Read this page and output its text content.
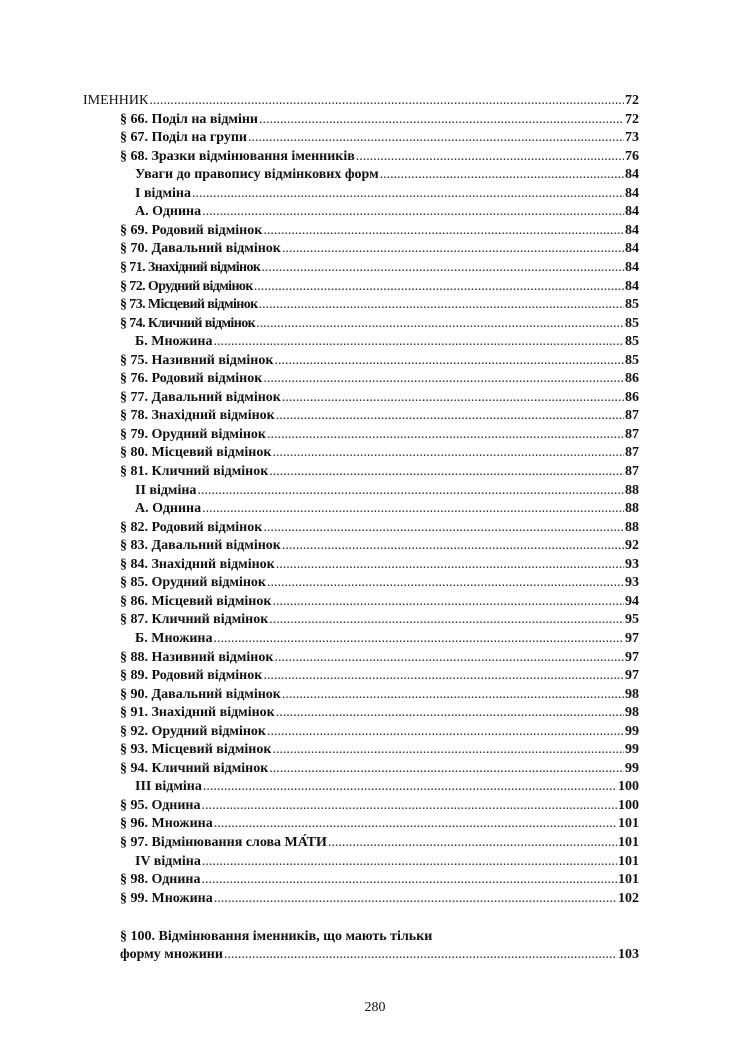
ІМЕННИК .....	72
§ 66. Поділ на відміни .....	72
§ 67. Поділ на групи .....	73
§ 68. Зразки відмінювання іменників .....	76
Уваги до правопису відмінкових форм .....	84
І відміна .....	84
А. Однина .....	84
§ 69. Родовий відмінок .....	84
§ 70. Давальний відмінок .....	84
§ 71. Знахідний відмінок .....	84
§ 72. Орудний відмінок .....	84
§ 73. Місцевий відмінок .....	85
§ 74. Кличний відмінок .....	85
Б. Множина .....	85
§ 75. Називний відмінок .....	85
§ 76. Родовий відмінок .....	86
§ 77. Давальний відмінок .....	86
§ 78. Знахідний відмінок .....	87
§ 79. Орудний відмінок .....	87
§ 80. Місцевий відмінок .....	87
§ 81. Кличний відмінок .....	87
II відміна .....	88
А. Однина .....	88
§ 82. Родовий відмінок .....	88
§ 83. Давальний відмінок .....	92
§ 84. Знахідний відмінок .....	93
§ 85. Орудний відмінок .....	93
§ 86. Місцевий відмінок .....	94
§ 87. Кличний відмінок .....	95
Б. Множина .....	97
§ 88. Називний відмінок .....	97
§ 89. Родовий відмінок .....	97
§ 90. Давальний відмінок .....	98
§ 91. Знахідний відмінок .....	98
§ 92. Орудний відмінок .....	99
§ 93. Місцевий відмінок .....	99
§ 94. Кличний відмінок .....	99
ІІІ відміна .....	100
§ 95. Однина .....	100
§ 96. Множина .....	101
§ 97. Відмінювання слова МА́ТИ .....	101
IV відміна .....	101
§ 98. Однина .....	101
§ 99. Множина .....	102
§ 100. Відмінювання іменників, що мають тільки
форму множини .....	103
280
